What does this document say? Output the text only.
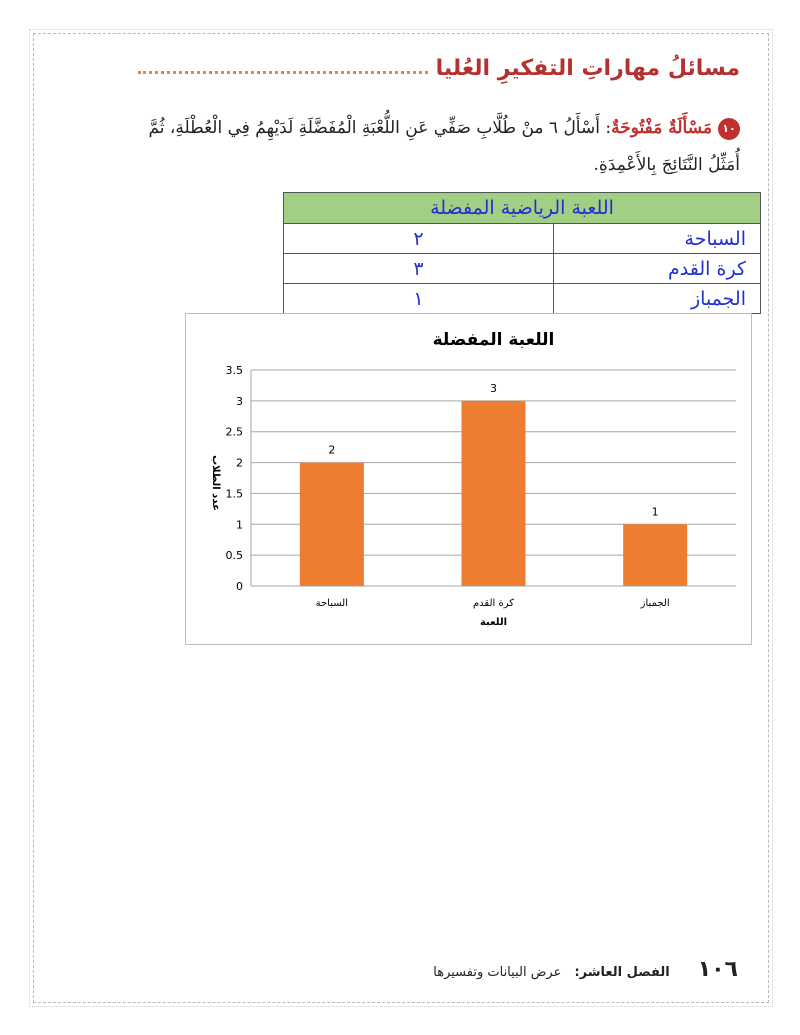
مسائلُ مهاراتِ التفكيرِ العُليا
١٠مَسْأَلَةٌ مَفْتُوحَةٌ: أَسْأَلُ ٦ منْ طُلَّابِ صَفِّي عَنِ اللُّعْبَةِ الْمُفَضَّلَةِ لَدَيْهِمُ فِي الْعُطْلَةِ، ثُمَّ أُمَثِّلُ النَّتَائِجَ بِالأَعْمِدَةِ.
اللعبة الرياضية المفضلة	
السباحة	٢
كرة القدم	٣
الجمباز	١
اللعبة المفضلة
0
0.5
1
1.5
2
2.5
3
3.5
2
السباحة
3
كرة القدم
1
الجمباز
اللعبة
عدد الطلاب
١٠٦
الفصل العاشر: عرض البيانات وتفسيرها
